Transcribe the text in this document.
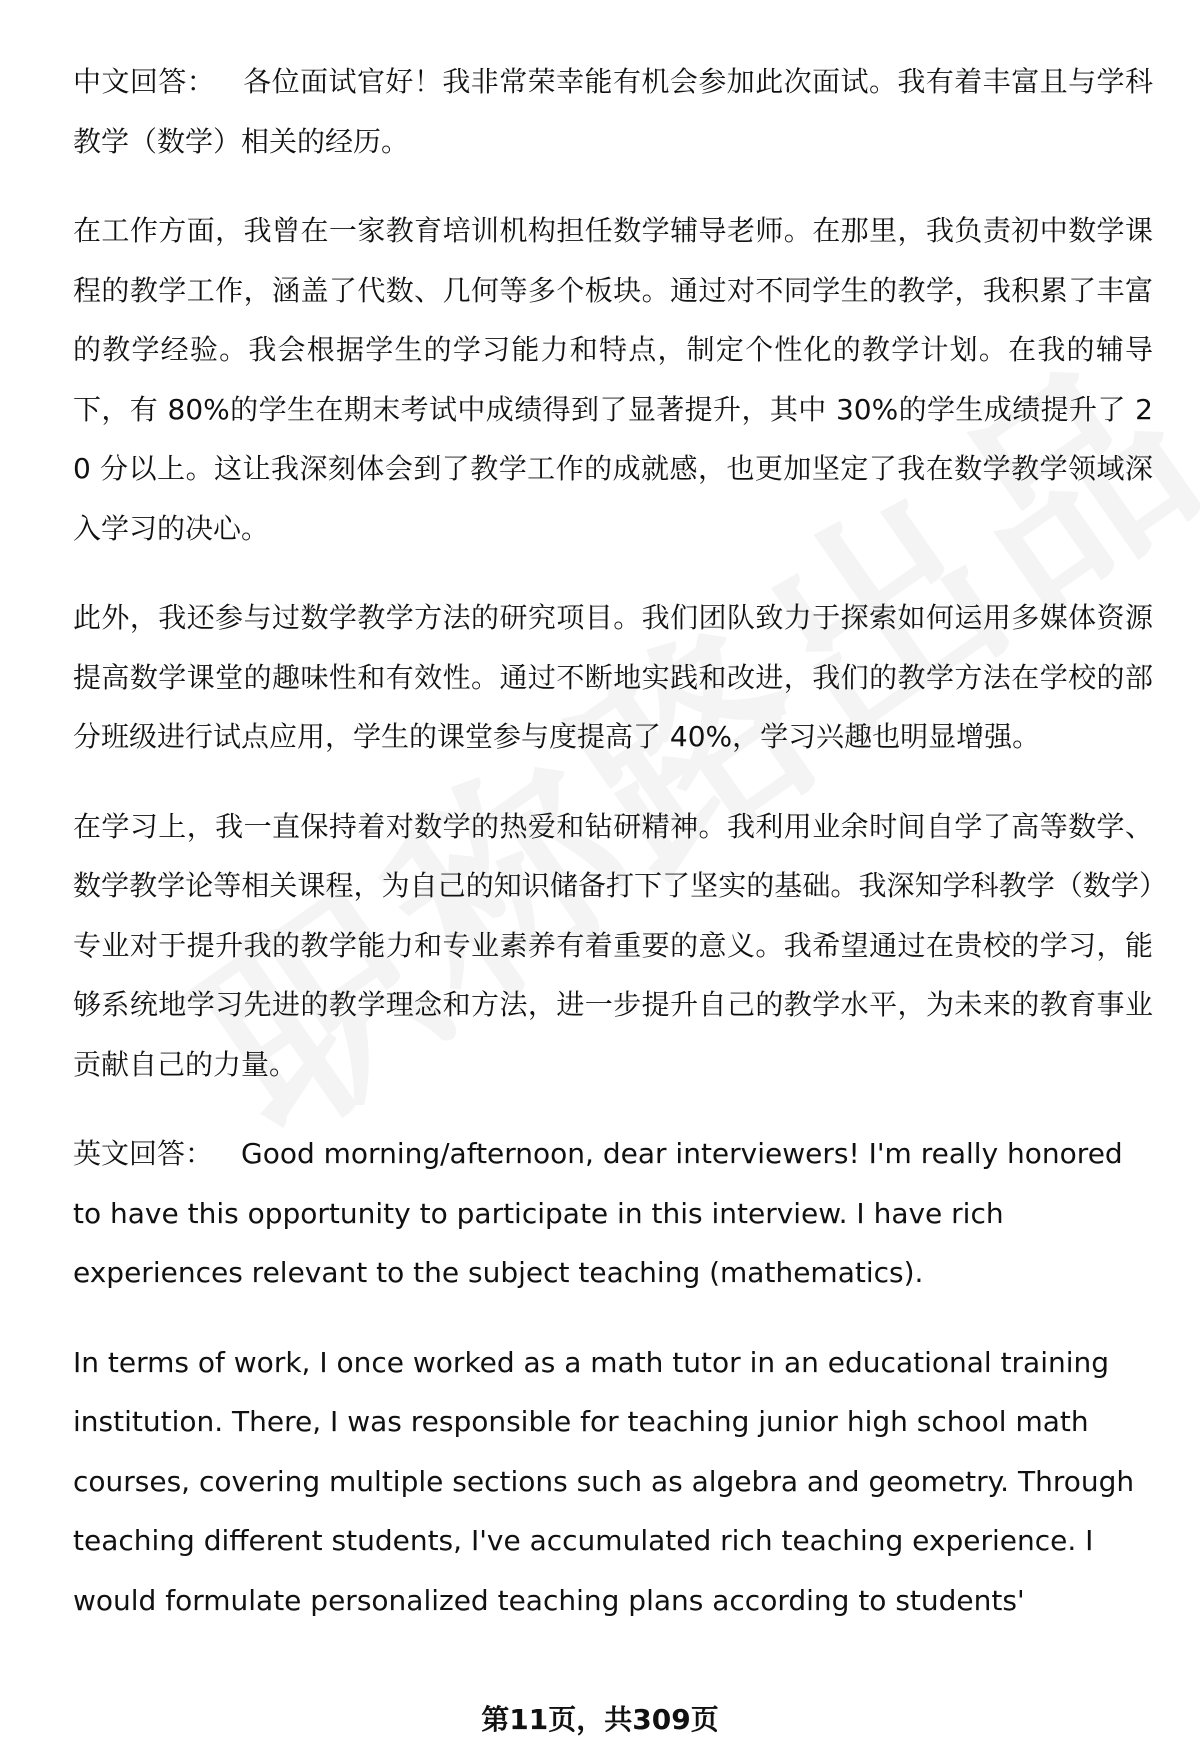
中文回答： 各位面试官好！我非常荣幸能有机会参加此次面试。我有着丰富且与学科教学（数学）相关的经历。

在工作方面，我曾在一家教育培训机构担任数学辅导老师。在那里，我负责初中数学课程的教学工作，涵盖了代数、几何等多个板块。通过对不同学生的教学，我积累了丰富的教学经验。我会根据学生的学习能力和特点，制定个性化的教学计划。在我的辅导下，有 80%的学生在期末考试中成绩得到了显著提升，其中 30%的学生成绩提升了 20 分以上。这让我深刻体会到了教学工作的成就感，也更加坚定了我在数学教学领域深入学习的决心。

此外，我还参与过数学教学方法的研究项目。我们团队致力于探索如何运用多媒体资源提高数学课堂的趣味性和有效性。通过不断地实践和改进，我们的教学方法在学校的部分班级进行试点应用，学生的课堂参与度提高了 40%，学习兴趣也明显增强。

在学习上，我一直保持着对数学的热爱和钻研精神。我利用业余时间自学了高等数学、数学教学论等相关课程，为自己的知识储备打下了坚实的基础。我深知学科教学（数学）专业对于提升我的教学能力和专业素养有着重要的意义。我希望通过在贵校的学习，能够系统地学习先进的教学理念和方法，进一步提升自己的教学水平，为未来的教育事业贡献自己的力量。

英文回答： Good morning/afternoon, dear interviewers! I'm really honored to have this opportunity to participate in this interview. I have rich experiences relevant to the subject teaching (mathematics).

In terms of work, I once worked as a math tutor in an educational training institution. There, I was responsible for teaching junior high school math courses, covering multiple sections such as algebra and geometry. Through teaching different students, I've accumulated rich teaching experience. I would formulate personalized teaching plans according to students'

第11页，共309页
